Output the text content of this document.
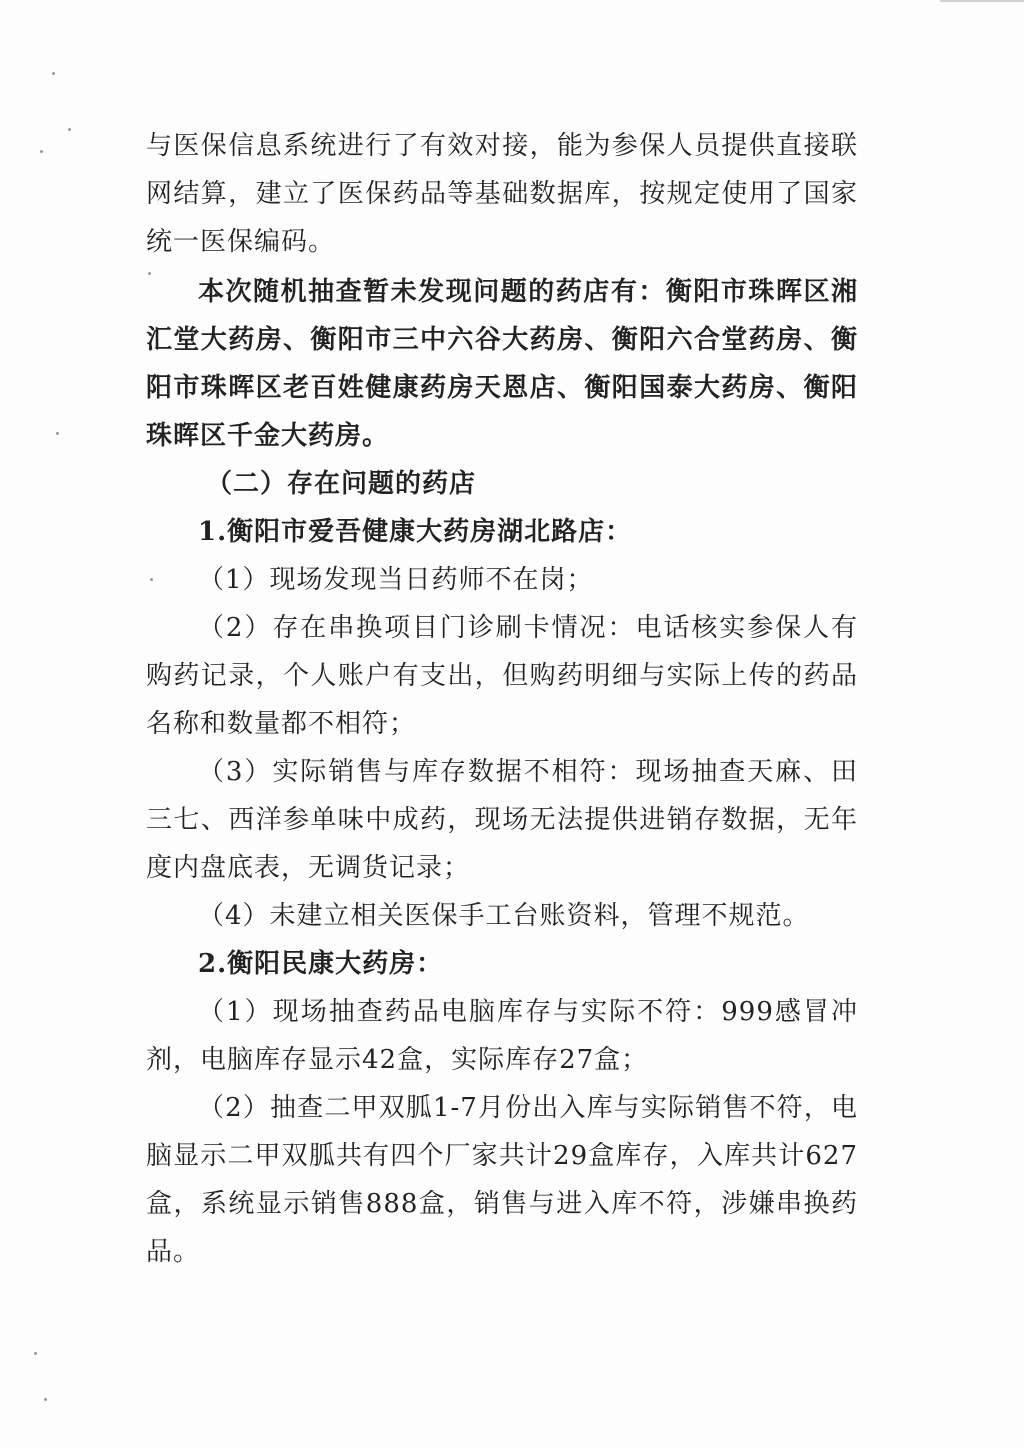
与医保信息系统进行了有效对接，能为参保人员提供直接联网结算，建立了医保药品等基础数据库，按规定使用了国家统一医保编码。

本次随机抽查暂未发现问题的药店有：衡阳市珠晖区湘汇堂大药房、衡阳市三中六谷大药房、衡阳六合堂药房、衡阳市珠晖区老百姓健康药房天恩店、衡阳国泰大药房、衡阳珠晖区千金大药房。

（二）存在问题的药店

1.衡阳市爱吾健康大药房湖北路店：

（1）现场发现当日药师不在岗；

（2）存在串换项目门诊刷卡情况：电话核实参保人有购药记录，个人账户有支出，但购药明细与实际上传的药品名称和数量都不相符；

（3）实际销售与库存数据不相符：现场抽查天麻、田三七、西洋参单味中成药，现场无法提供进销存数据，无年度内盘底表，无调货记录；

（4）未建立相关医保手工台账资料，管理不规范。

2.衡阳民康大药房：

（1）现场抽查药品电脑库存与实际不符：999感冒冲剂，电脑库存显示42盒，实际库存27盒；

（2）抽查二甲双胍1-7月份出入库与实际销售不符，电脑显示二甲双胍共有四个厂家共计29盒库存，入库共计627盒，系统显示销售888盒，销售与进入库不符，涉嫌串换药品。
